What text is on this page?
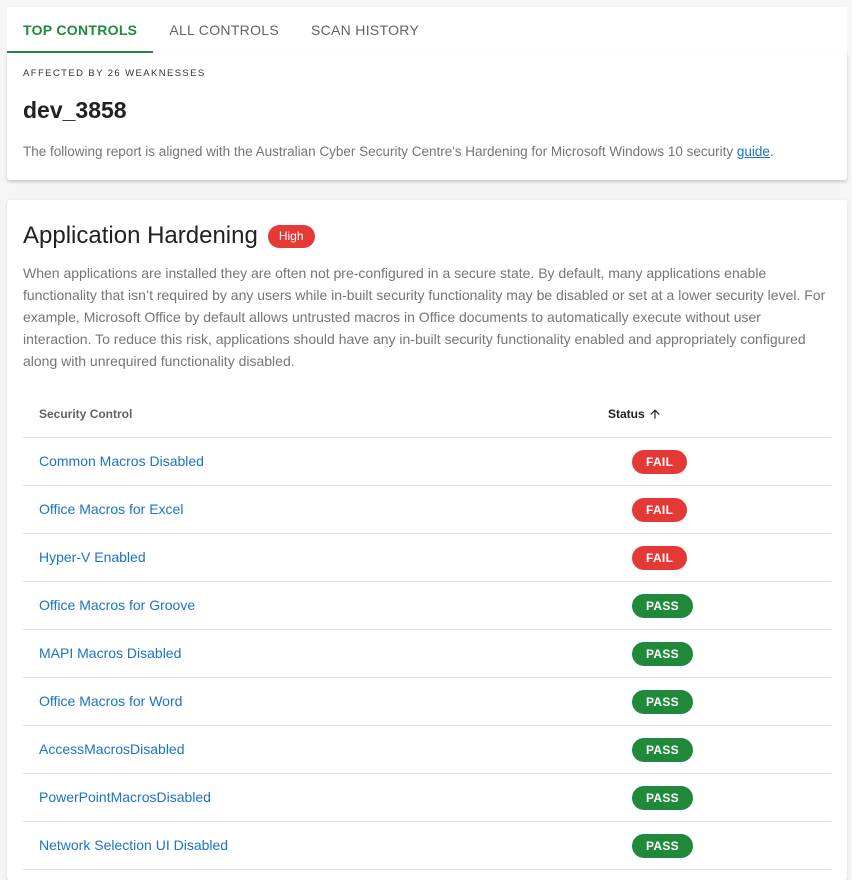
TOP CONTROLS	ALL CONTROLS	SCAN HISTORY
AFFECTED BY 26 WEAKNESSES
dev_3858
The following report is aligned with the Australian Cyber Security Centre's Hardening for Microsoft Windows 10 security guide.
Application Hardening	High
When applications are installed they are often not pre-configured in a secure state. By default, many applications enable functionality that isn’t required by any users while in-built security functionality may be disabled or set at a lower security level. For example, Microsoft Office by default allows untrusted macros in Office documents to automatically execute without user interaction. To reduce this risk, applications should have any in-built security functionality enabled and appropriately configured along with unrequired functionality disabled.
Security Control	Status
Common Macros Disabled	FAIL
Office Macros for Excel	FAIL
Hyper-V Enabled	FAIL
Office Macros for Groove	PASS
MAPI Macros Disabled	PASS
Office Macros for Word	PASS
AccessMacrosDisabled	PASS
PowerPointMacrosDisabled	PASS
Network Selection UI Disabled	PASS
